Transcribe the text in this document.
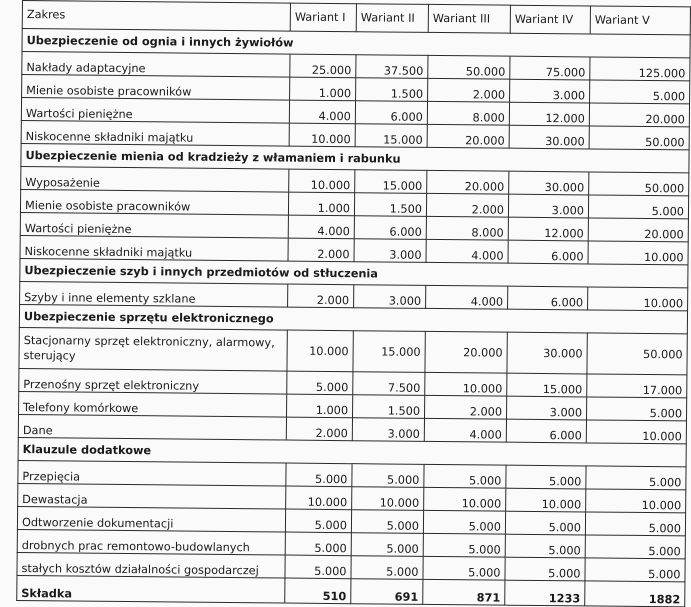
Zakres	Wariant I	Wariant II	Wariant III	Wariant IV	Wariant V
Ubezpieczenie od ognia i innych żywiołów					
Nakłady adaptacyjne	25.000	37.500	50.000	75.000	125.000
Mienie osobiste pracowników	1.000	1.500	2.000	3.000	5.000
Wartości pieniężne	4.000	6.000	8.000	12.000	20.000
Niskocenne składniki majątku	10.000	15.000	20.000	30.000	50.000
Ubezpieczenie mienia od kradzieży z włamaniem i rabunku					
Wyposażenie	10.000	15.000	20.000	30.000	50.000
Mienie osobiste pracowników	1.000	1.500	2.000	3.000	5.000
Wartości pieniężne	4.000	6.000	8.000	12.000	20.000
Niskocenne składniki majątku	2.000	3.000	4.000	6.000	10.000
Ubezpieczenie szyb i innych przedmiotów od stłuczenia					
Szyby i inne elementy szklane	2.000	3.000	4.000	6.000	10.000
Ubezpieczenie sprzętu elektronicznego					
Stacjonarny sprzęt elektroniczny, alarmowy, sterujący	10.000	15.000	20.000	30.000	50.000
Przenośny sprzęt elektroniczny	5.000	7.500	10.000	15.000	17.000
Telefony komórkowe	1.000	1.500	2.000	3.000	5.000
Dane	2.000	3.000	4.000	6.000	10.000
Klauzule dodatkowe					
Przepięcia	5.000	5.000	5.000	5.000	5.000
Dewastacja	10.000	10.000	10.000	10.000	10.000
Odtworzenie dokumentacji	5.000	5.000	5.000	5.000	5.000
drobnych prac remontowo-budowlanych	5.000	5.000	5.000	5.000	5.000
stałych kosztów działalności gospodarczej	5.000	5.000	5.000	5.000	5.000
Składka	510	691	871	1233	1882
